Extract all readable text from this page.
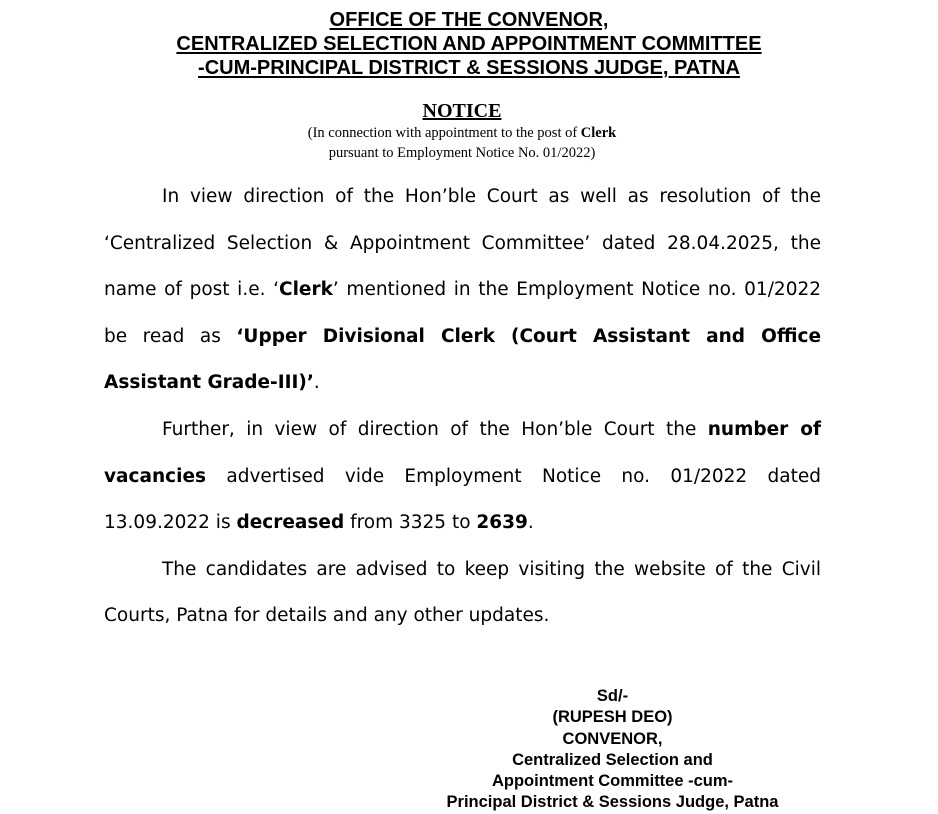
OFFICE OF THE CONVENOR,
CENTRALIZED SELECTION AND APPOINTMENT COMMITTEE
-CUM-PRINCIPAL DISTRICT & SESSIONS JUDGE, PATNA
NOTICE
(In connection with appointment to the post of Clerk
pursuant to Employment Notice No. 01/2022)

In view direction of the Hon’ble Court as well as resolution of the ‘Centralized Selection & Appointment Committee’ dated 28.04.2025, the name of post i.e. ‘Clerk’ mentioned in the Employment Notice no. 01/2022 be read as ‘Upper Divisional Clerk (Court Assistant and Office Assistant Grade-III)’.

Further, in view of direction of the Hon’ble Court the number of vacancies advertised vide Employment Notice no. 01/2022 dated 13.09.2022 is decreased from 3325 to 2639.

The candidates are advised to keep visiting the website of the Civil Courts, Patna for details and any other updates.

Sd/-
(RUPESH DEO)
CONVENOR,
Centralized Selection and
Appointment Committee -cum-
Principal District & Sessions Judge, Patna
